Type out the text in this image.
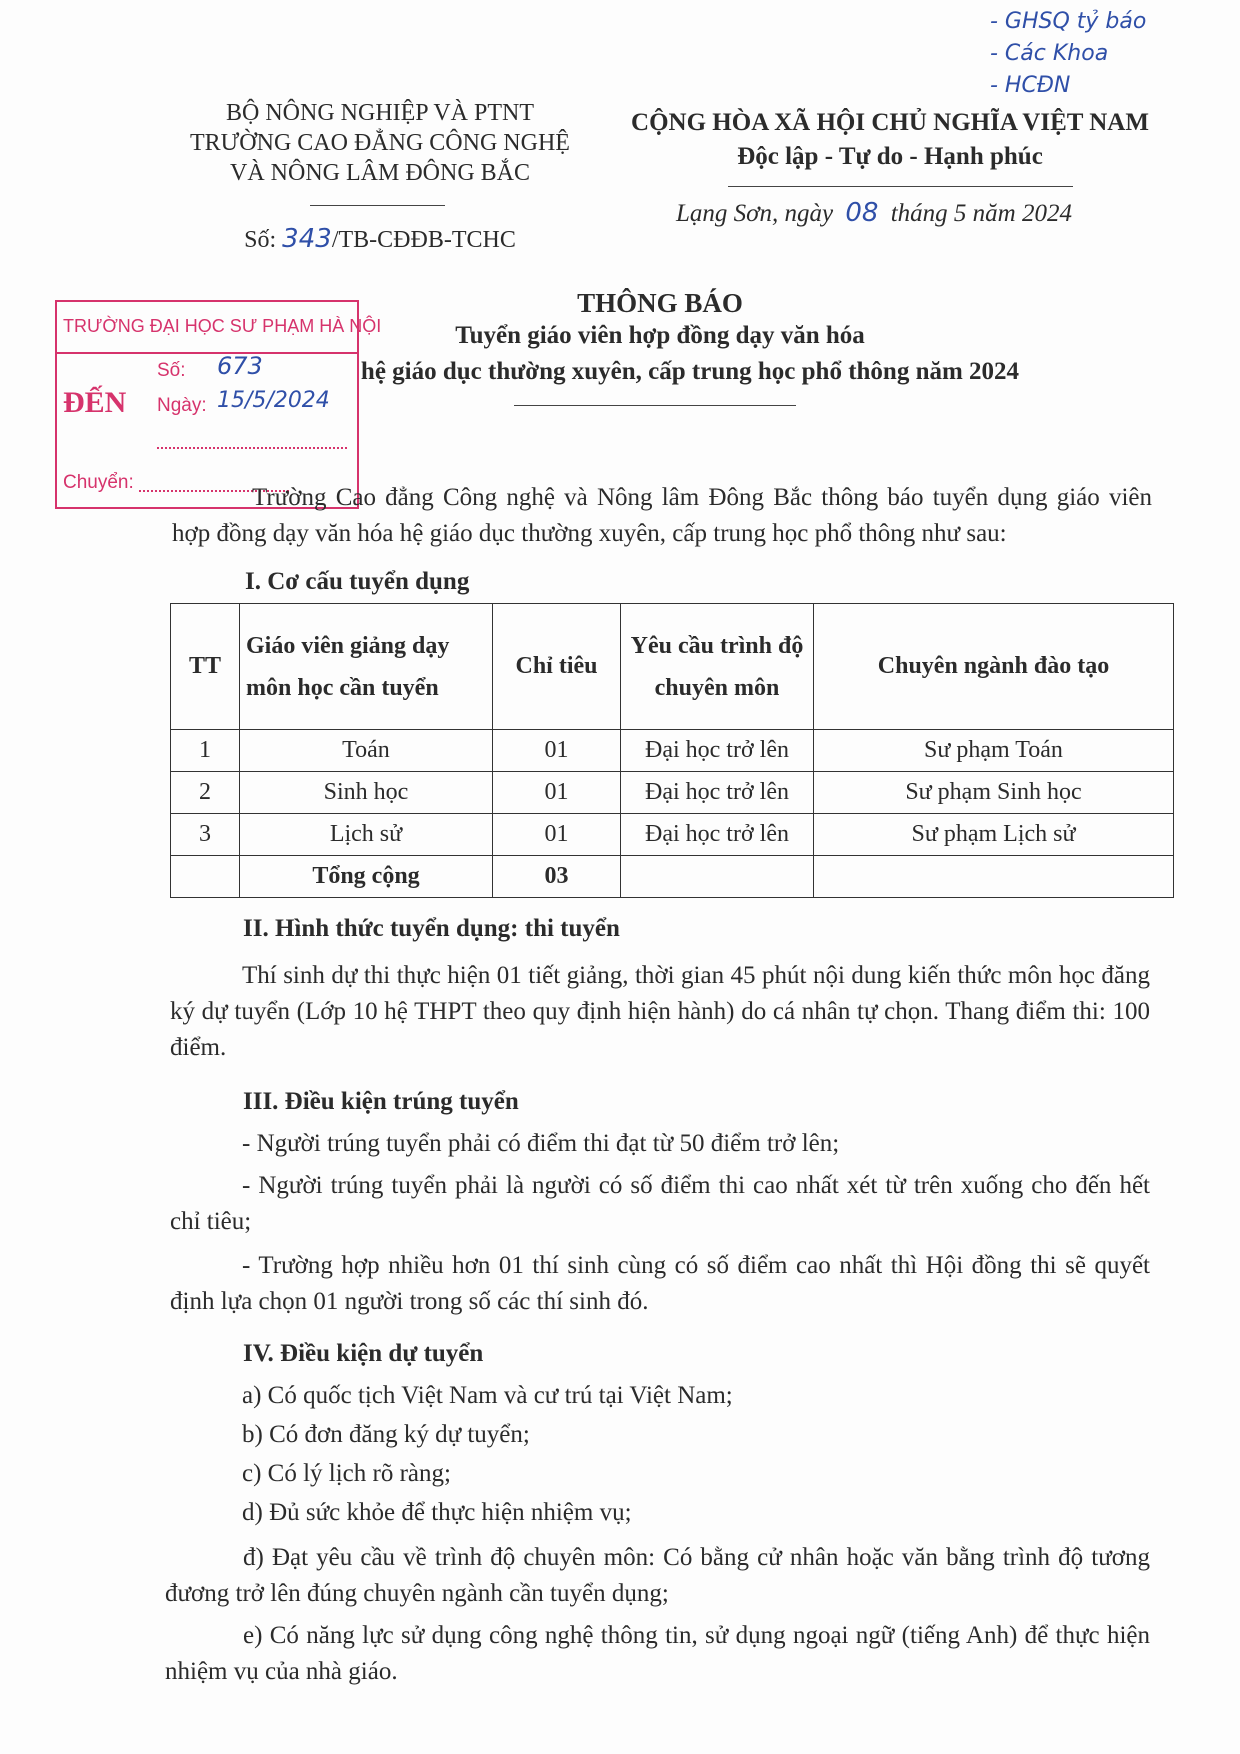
- GHSQ tỷ báo
- Các Khoa
- HCĐN
BỘ NÔNG NGHIỆP VÀ PTNT
TRƯỜNG CAO ĐẲNG CÔNG NGHỆ
VÀ NÔNG LÂM ĐÔNG BẮC
Số: 343/TB-CĐĐB-TCHC
CỘNG HÒA XÃ HỘI CHỦ NGHĨA VIỆT NAM
Độc lập - Tự do - Hạnh phúc
Lạng Sơn, ngày 08 tháng 5 năm 2024
TRƯỜNG ĐẠI HỌC SƯ PHẠM HÀ NỘI
ĐẾN
Số: 673
Ngày: 15/5/2024
Chuyển:
THÔNG BÁO
Tuyển giáo viên hợp đồng dạy văn hóa
hệ giáo dục thường xuyên, cấp trung học phổ thông năm 2024
Trường Cao đẳng Công nghệ và Nông lâm Đông Bắc thông báo tuyển dụng giáo viên hợp đồng dạy văn hóa hệ giáo dục thường xuyên, cấp trung học phổ thông như sau:
I. Cơ cấu tuyển dụng
TT	Giáo viên giảng dạy môn học cần tuyển	Chỉ tiêu	Yêu cầu trình độ chuyên môn	Chuyên ngành đào tạo
1	Toán	01	Đại học trở lên	Sư phạm Toán
2	Sinh học	01	Đại học trở lên	Sư phạm Sinh học
3	Lịch sử	01	Đại học trở lên	Sư phạm Lịch sử
	Tổng cộng	03		
II. Hình thức tuyển dụng: thi tuyển
Thí sinh dự thi thực hiện 01 tiết giảng, thời gian 45 phút nội dung kiến thức môn học đăng ký dự tuyển (Lớp 10 hệ THPT theo quy định hiện hành) do cá nhân tự chọn. Thang điểm thi: 100 điểm.
III. Điều kiện trúng tuyển
- Người trúng tuyển phải có điểm thi đạt từ 50 điểm trở lên;
- Người trúng tuyển phải là người có số điểm thi cao nhất xét từ trên xuống cho đến hết chỉ tiêu;
- Trường hợp nhiều hơn 01 thí sinh cùng có số điểm cao nhất thì Hội đồng thi sẽ quyết định lựa chọn 01 người trong số các thí sinh đó.
IV. Điều kiện dự tuyển
a) Có quốc tịch Việt Nam và cư trú tại Việt Nam;
b) Có đơn đăng ký dự tuyển;
c) Có lý lịch rõ ràng;
d) Đủ sức khỏe để thực hiện nhiệm vụ;
đ) Đạt yêu cầu về trình độ chuyên môn: Có bằng cử nhân hoặc văn bằng trình độ tương đương trở lên đúng chuyên ngành cần tuyển dụng;
e) Có năng lực sử dụng công nghệ thông tin, sử dụng ngoại ngữ (tiếng Anh) để thực hiện nhiệm vụ của nhà giáo.
